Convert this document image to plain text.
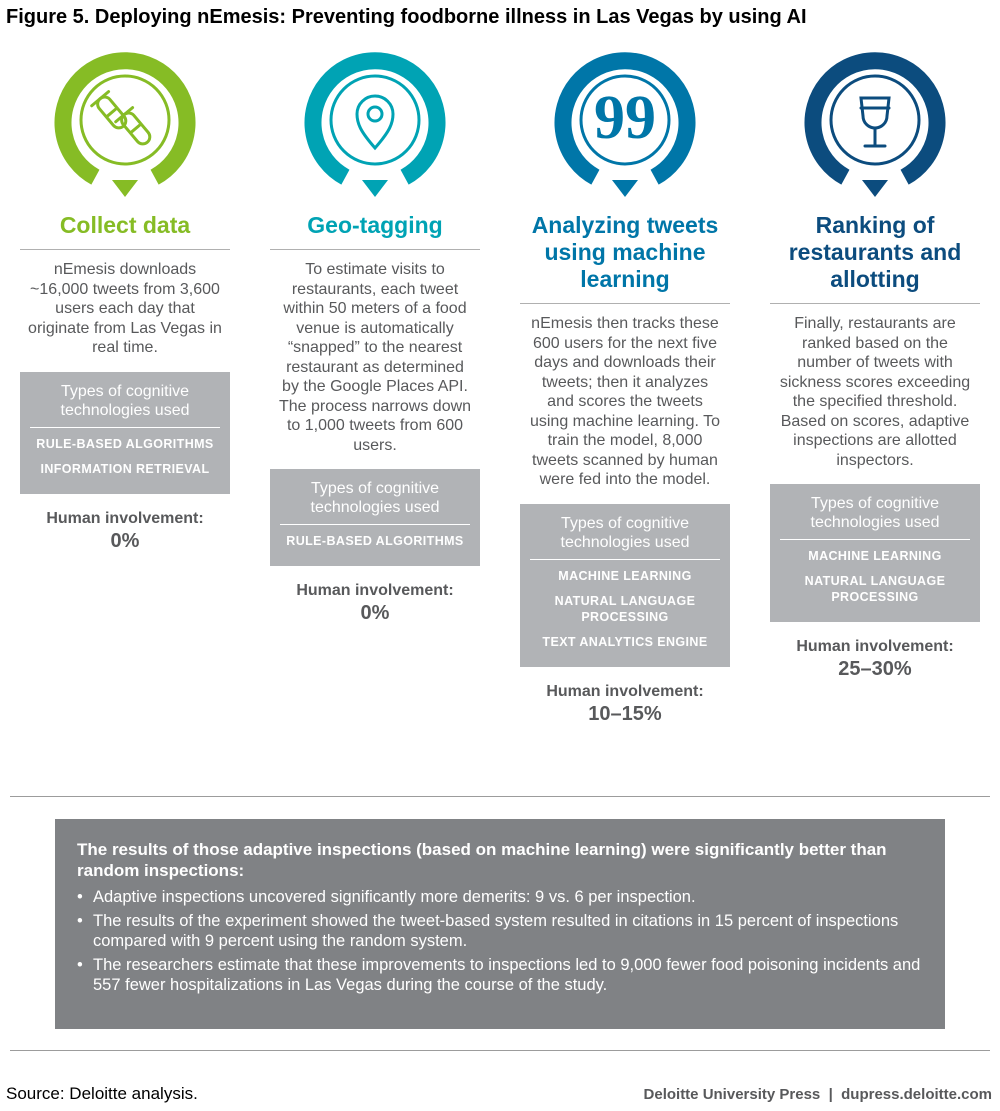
Figure 5. Deploying nEmesis: Preventing foodborne illness in Las Vegas by using AI
Collect data
nEmesis downloads ~16,000 tweets from 3,600 users each day that originate from Las Vegas in real time.
Types of cognitive technologies used
RULE-BASED ALGORITHMS
INFORMATION RETRIEVAL
Human involvement:
0%
Geo-tagging
To estimate visits to restaurants, each tweet within 50 meters of a food venue is automatically “snapped” to the nearest restaurant as determined by the Google Places API. The process narrows down to 1,000 tweets from 600 users.
Types of cognitive technologies used
RULE-BASED ALGORITHMS
Human involvement:
0%
99
Analyzing tweets using machine learning
nEmesis then tracks these 600 users for the next five days and downloads their tweets; then it analyzes and scores the tweets using machine learning. To train the model, 8,000 tweets scanned by human were fed into the model.
Types of cognitive technologies used
MACHINE LEARNING
NATURAL LANGUAGE PROCESSING
TEXT ANALYTICS ENGINE
Human involvement:
10–15%
Ranking of restaurants and allotting
Finally, restaurants are ranked based on the number of tweets with sickness scores exceeding the specified threshold. Based on scores, adaptive inspections are allotted inspectors.
Types of cognitive technologies used
MACHINE LEARNING
NATURAL LANGUAGE PROCESSING
Human involvement:
25–30%
The results of those adaptive inspections (based on machine learning) were significantly better than random inspections:
• Adaptive inspections uncovered significantly more demerits: 9 vs. 6 per inspection.
• The results of the experiment showed the tweet-based system resulted in citations in 15 percent of inspections compared with 9 percent using the random system.
• The researchers estimate that these improvements to inspections led to 9,000 fewer food poisoning incidents and 557 fewer hospitalizations in Las Vegas during the course of the study.
Source: Deloitte analysis.	Deloitte University Press  |  dupress.deloitte.com
